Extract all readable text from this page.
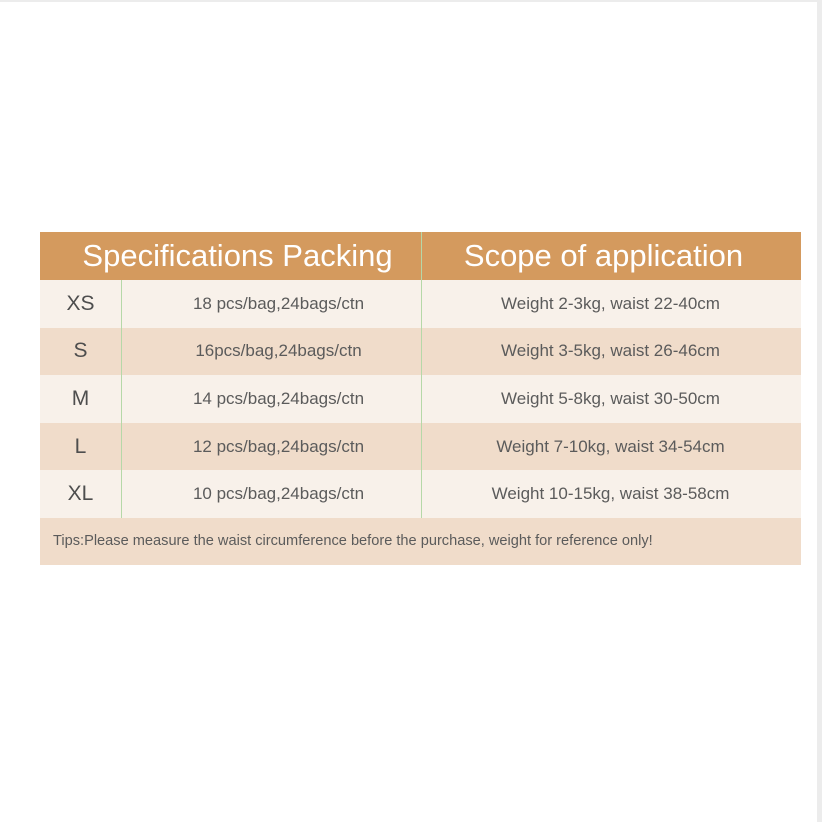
Specifications Packing	Scope of application
XS	18 pcs/bag,24bags/ctn	Weight 2-3kg, waist 22-40cm
S	16pcs/bag,24bags/ctn	Weight 3-5kg, waist 26-46cm
M	14 pcs/bag,24bags/ctn	Weight 5-8kg, waist 30-50cm
L	12 pcs/bag,24bags/ctn	Weight 7-10kg, waist 34-54cm
XL	10 pcs/bag,24bags/ctn	Weight 10-15kg, waist 38-58cm
Tips:Please measure the waist circumference before the purchase, weight for reference only!
